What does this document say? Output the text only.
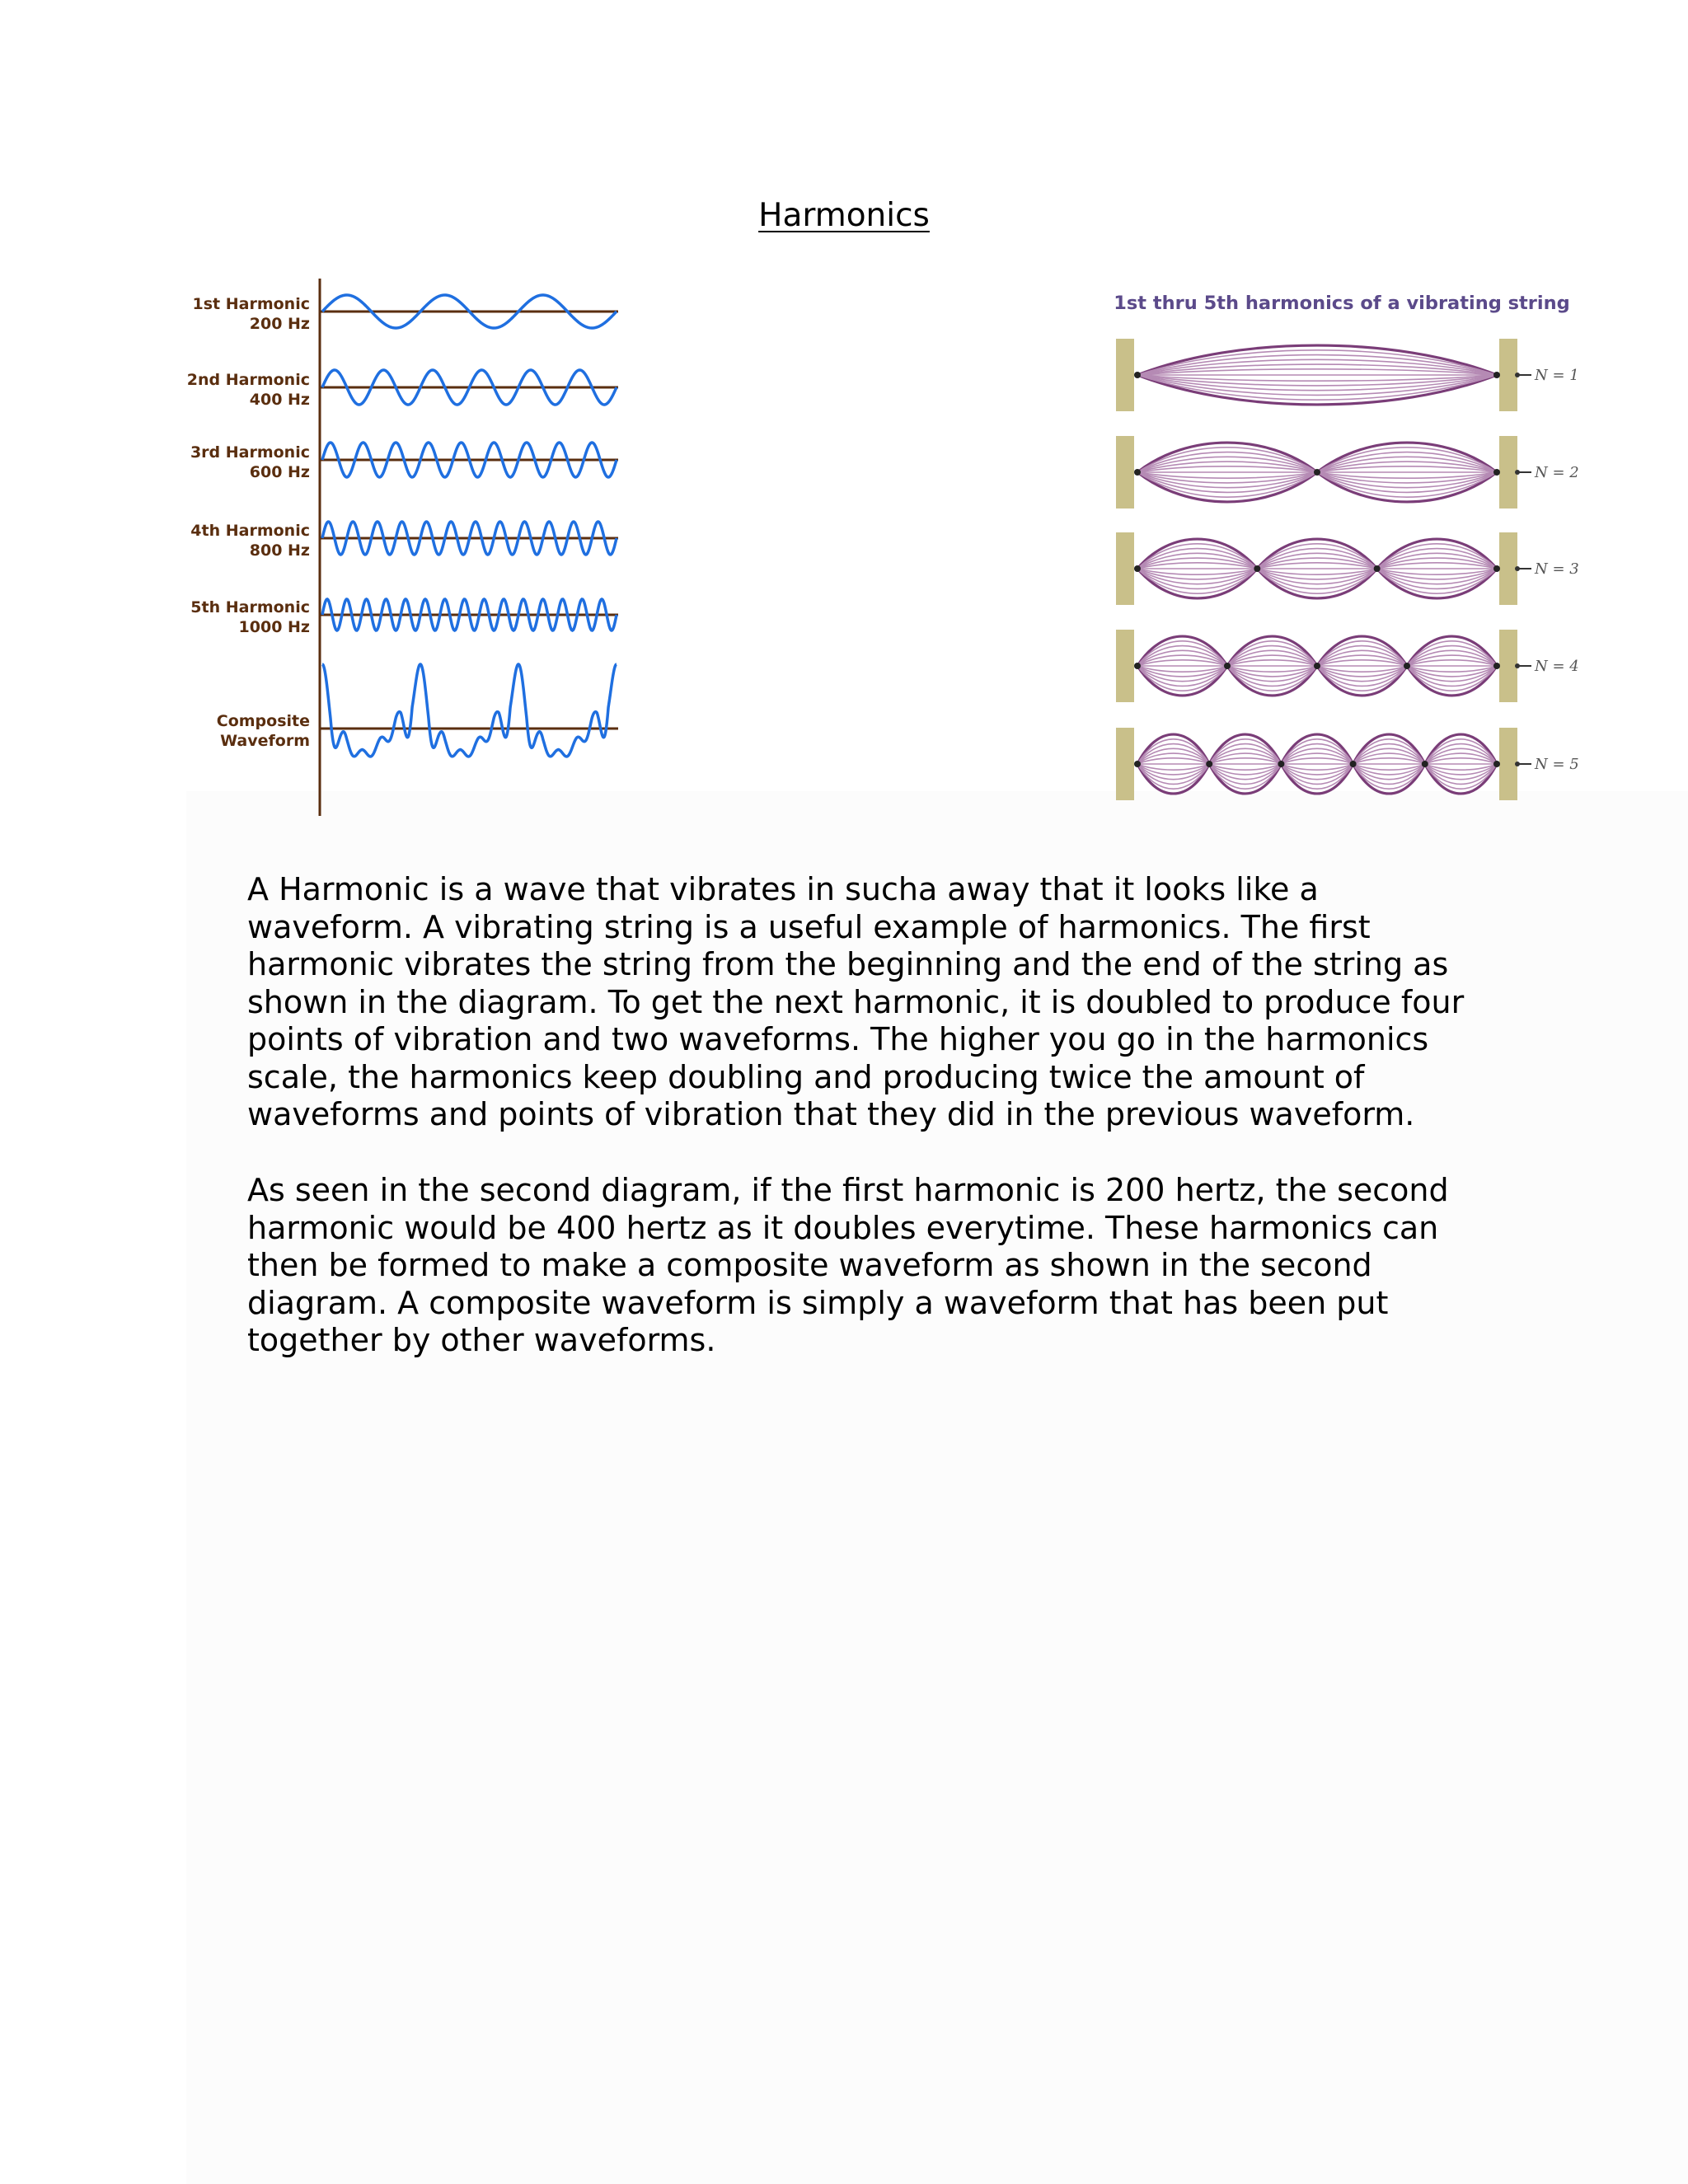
Harmonics
1st Harmonic
200 Hz
2nd Harmonic
400 Hz
3rd Harmonic
600 Hz
4th Harmonic
800 Hz
5th Harmonic
1000 Hz
Composite
Waveform
1st thru 5th harmonics of a vibrating string
N = 1
N = 2
N = 3
N = 4
N = 5

A Harmonic is a wave that vibrates in sucha away that it looks like a waveform. A vibrating string is a useful example of harmonics. The first harmonic vibrates the string from the beginning and the end of the string as shown in the diagram. To get the next harmonic, it is doubled to produce four points of vibration and two waveforms. The higher you go in the harmonics scale, the harmonics keep doubling and producing twice the amount of waveforms and points of vibration that they did in the previous waveform.

As seen in the second diagram, if the first harmonic is 200 hertz, the second harmonic would be 400 hertz as it doubles everytime. These harmonics can then be formed to make a composite waveform as shown in the second diagram. A composite waveform is simply a waveform that has been put together by other waveforms.
